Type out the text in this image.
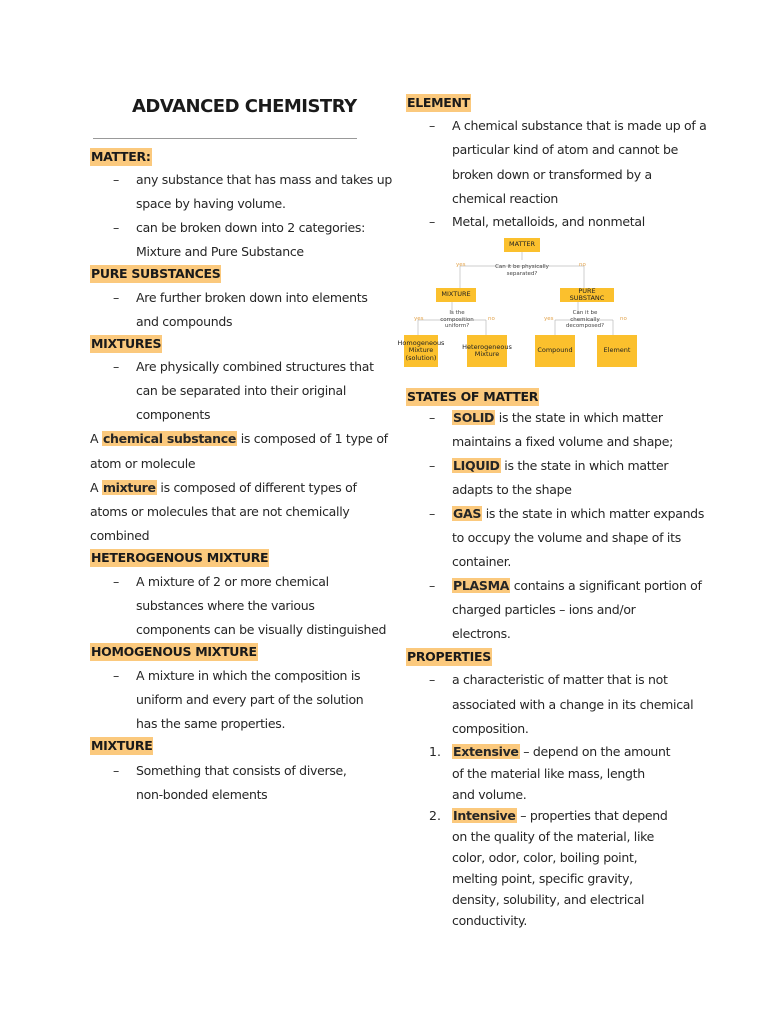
ADVANCED CHEMISTRY
MATTER:
– any substance that has mass and takes up
space by having volume.
– can be broken down into 2 categories:
Mixture and Pure Substance
PURE SUBSTANCES
– Are further broken down into elements
and compounds
MIXTURES
– Are physically combined structures that
can be separated into their original
components
A chemical substance is composed of 1 type of
atom or molecule
A mixture is composed of different types of
atoms or molecules that are not chemically
combined
HETEROGENOUS MIXTURE
– A mixture of 2 or more chemical
substances where the various
components can be visually distinguished
HOMOGENOUS MIXTURE
– A mixture in which the composition is
uniform and every part of the solution
has the same properties.
MIXTURE
– Something that consists of diverse,
non-bonded elements
ELEMENT
– A chemical substance that is made up of a
particular kind of atom and cannot be
broken down or transformed by a
chemical reaction
– Metal, metalloids, and nonmetal
MATTER
Can it be physically separated?
yes	no
MIXTURE	PURE SUBSTANC
Is the composition uniform?
Can it be chemically decomposed?
yes	no	yes	no
Homogeneous Mixture (solution)
Heterogeneous Mixture	Compound	Element
STATES OF MATTER
– SOLID is the state in which matter
maintains a fixed volume and shape;
– LIQUID is the state in which matter
adapts to the shape
– GAS is the state in which matter expands
to occupy the volume and shape of its
container.
– PLASMA contains a significant portion of
charged particles – ions and/or
electrons.
PROPERTIES
– a characteristic of matter that is not
associated with a change in its chemical
composition.
1. Extensive – depend on the amount
of the material like mass, length
and volume.
2. Intensive – properties that depend
on the quality of the material, like
color, odor, color, boiling point,
melting point, specific gravity,
density, solubility, and electrical
conductivity.
